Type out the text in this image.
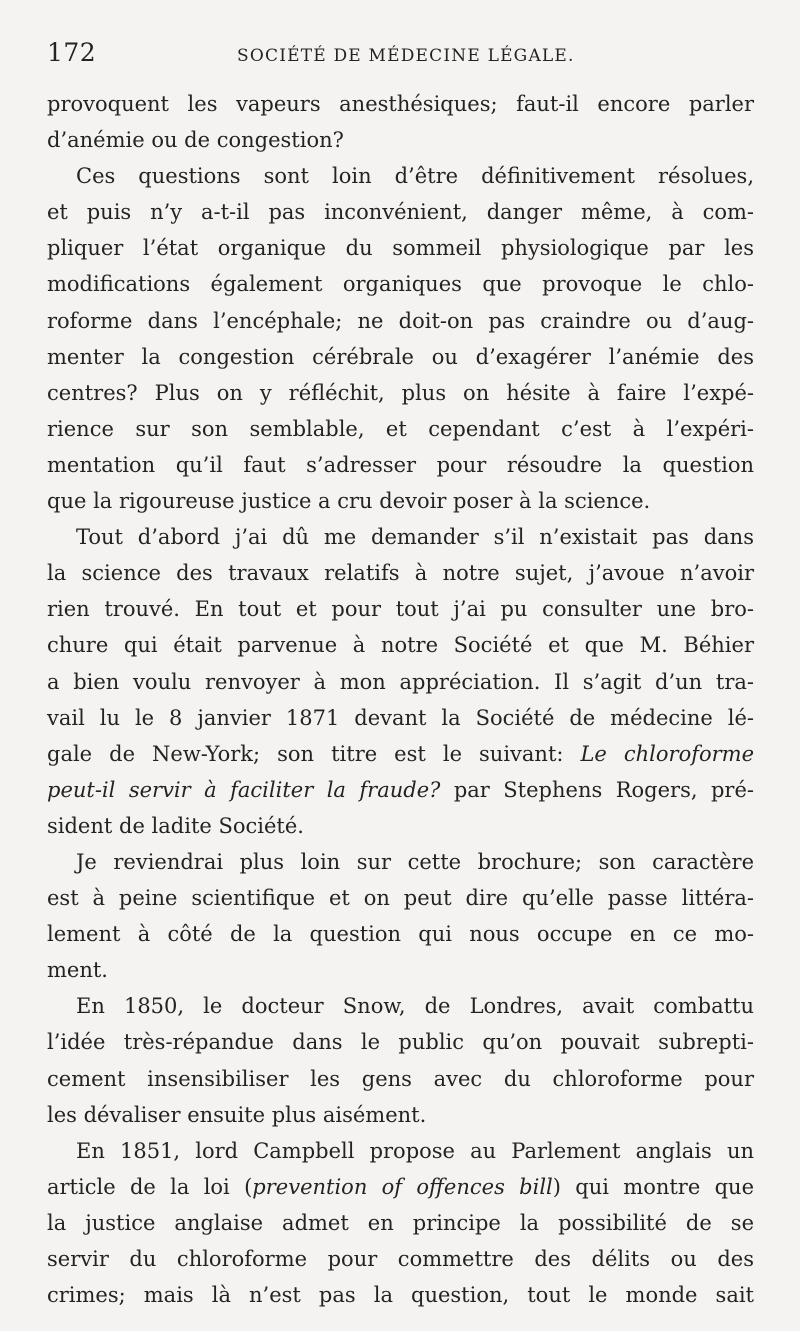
172	SOCIÉTÉ DE MÉDECINE LÉGALE.

provoquent les vapeurs anesthésiques; faut-il encore parler

d’anémie ou de congestion?

Ces questions sont loin d’être définitivement résolues,

et puis n’y a-t-il pas inconvénient, danger même, à com-

pliquer l’état organique du sommeil physiologique par les

modifications également organiques que provoque le chlo-

roforme dans l’encéphale; ne doit-on pas craindre ou d’aug-

menter la congestion cérébrale ou d’exagérer l’anémie des

centres? Plus on y réfléchit, plus on hésite à faire l’expé-

rience sur son semblable, et cependant c’est à l’expéri-

mentation qu’il faut s’adresser pour résoudre la question

que la rigoureuse justice a cru devoir poser à la science.

Tout d’abord j’ai dû me demander s’il n’existait pas dans

la science des travaux relatifs à notre sujet, j’avoue n’avoir

rien trouvé. En tout et pour tout j’ai pu consulter une bro-

chure qui était parvenue à notre Société et que M. Béhier

a bien voulu renvoyer à mon appréciation. Il s’agit d’un tra-

vail lu le 8 janvier 1871 devant la Société de médecine lé-

gale de New-York; son titre est le suivant: Le chloroforme

peut-il servir à faciliter la fraude? par Stephens Rogers, pré-

sident de ladite Société.

Je reviendrai plus loin sur cette brochure; son caractère

est à peine scientifique et on peut dire qu’elle passe littéra-

lement à côté de la question qui nous occupe en ce mo-

ment.

En 1850, le docteur Snow, de Londres, avait combattu

l’idée très-répandue dans le public qu’on pouvait subrepti-

cement insensibiliser les gens avec du chloroforme pour

les dévaliser ensuite plus aisément.

En 1851, lord Campbell propose au Parlement anglais un

article de la loi (prevention of offences bill) qui montre que

la justice anglaise admet en principe la possibilité de se

servir du chloroforme pour commettre des délits ou des

crimes; mais là n’est pas la question, tout le monde sait
